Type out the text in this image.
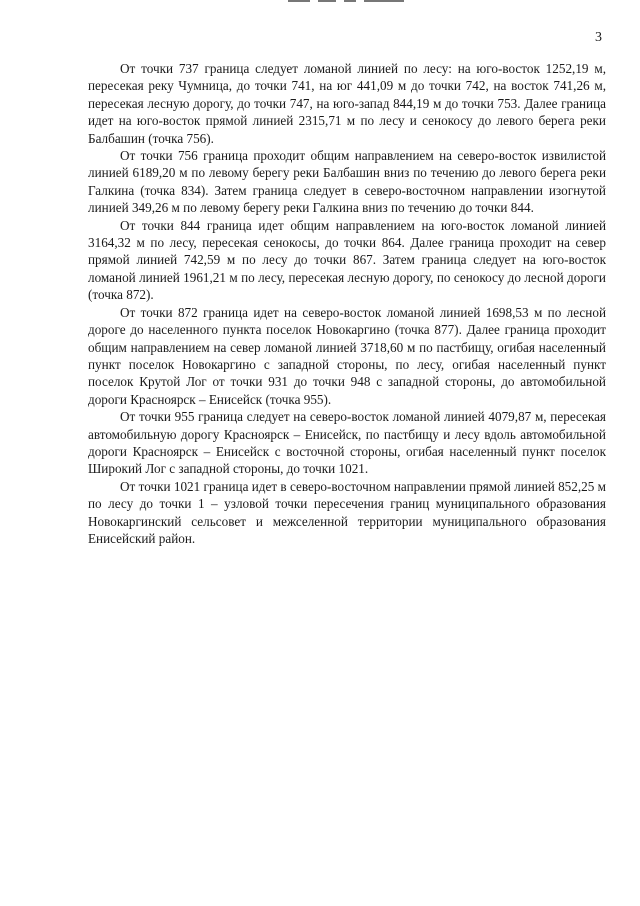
3

От точки 737 граница следует ломаной линией по лесу: на юго-восток 1252,19 м, пересекая реку Чумница, до точки 741, на юг 441,09 м до точки 742, на восток 741,26 м, пересекая лесную дорогу, до точки 747, на юго-запад 844,19 м до точки 753. Далее граница идет на юго-восток прямой линией 2315,71 м по лесу и сенокосу до левого берега реки Балбашин (точка 756).

От точки 756 граница проходит общим направлением на северо-восток извилистой линией 6189,20 м по левому берегу реки Балбашин вниз по течению до левого берега реки Галкина (точка 834). Затем граница следует в северо-восточном направлении изогнутой линией 349,26 м по левому берегу реки Галкина вниз по течению до точки 844.

От точки 844 граница идет общим направлением на юго-восток ломаной линией 3164,32 м по лесу, пересекая сенокосы, до точки 864. Далее граница проходит на север прямой линией 742,59 м по лесу до точки 867. Затем граница следует на юго-восток ломаной линией 1961,21 м по лесу, пересекая лесную дорогу, по сенокосу до лесной дороги (точка 872).

От точки 872 граница идет на северо-восток ломаной линией 1698,53 м по лесной дороге до населенного пункта поселок Новокаргино (точка 877). Далее граница проходит общим направлением на север ломаной линией 3718,60 м по пастбищу, огибая населенный пункт поселок Новокаргино с западной стороны, по лесу, огибая населенный пункт поселок Крутой Лог от точки 931 до точки 948 с западной стороны, до автомобильной дороги Красноярск – Енисейск (точка 955).

От точки 955 граница следует на северо-восток ломаной линией 4079,87 м, пересекая автомобильную дорогу Красноярск – Енисейск, по пастбищу и лесу вдоль автомобильной дороги Красноярск – Енисейск с восточной стороны, огибая населенный пункт поселок Широкий Лог с западной стороны, до точки 1021.

От точки 1021 граница идет в северо-восточном направлении прямой линией 852,25 м по лесу до точки 1 – узловой точки пересечения границ муниципального образования Новокаргинский сельсовет и межселенной территории муниципального образования Енисейский район.
